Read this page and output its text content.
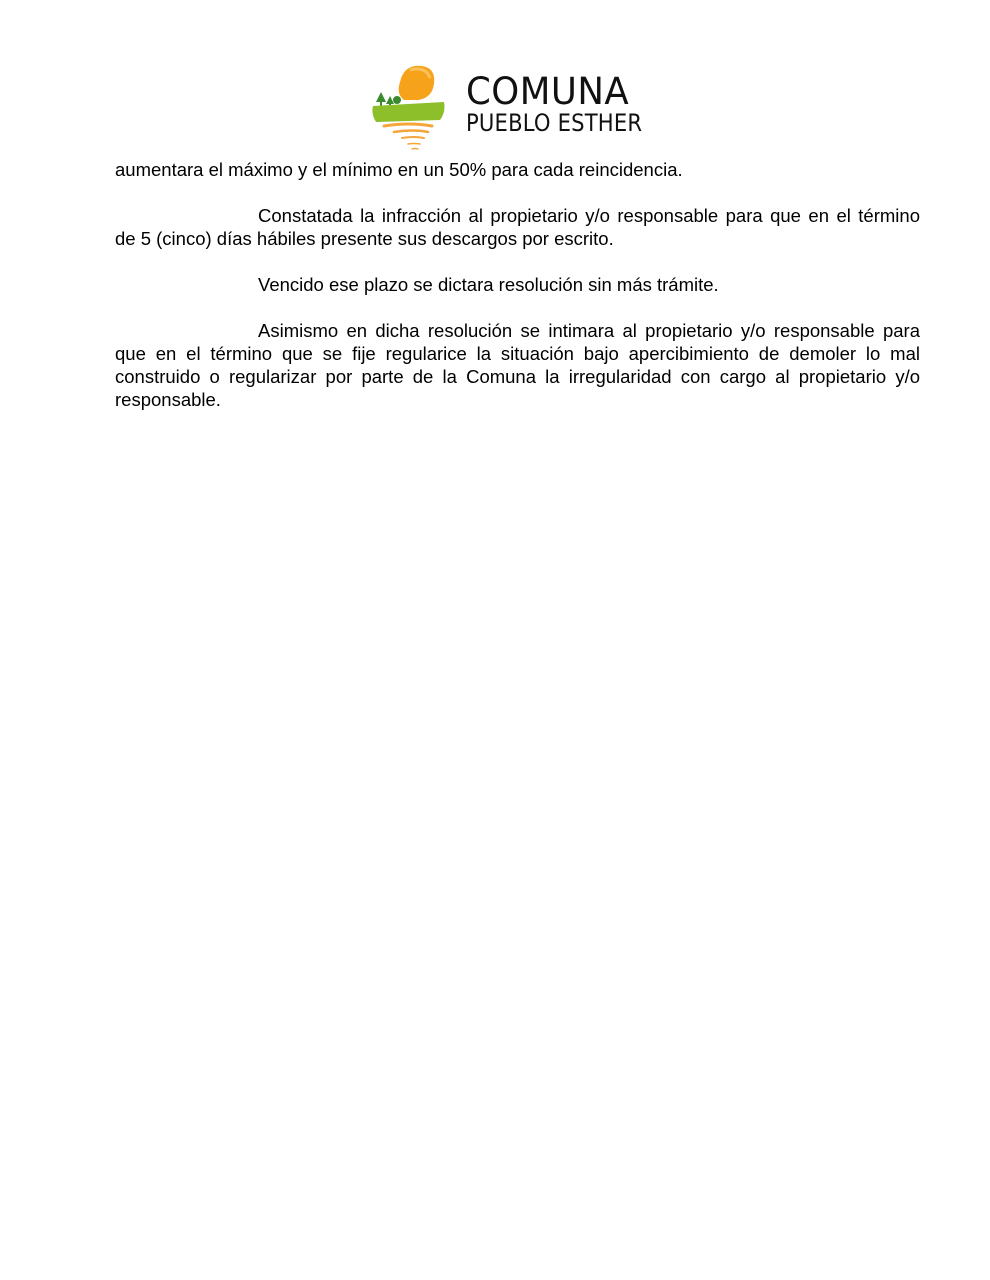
COMUNA
PUEBLO ESTHER

aumentara el máximo y el mínimo en un 50% para cada reincidencia.

Constatada la infracción al propietario y/o responsable para que en el término de 5 (cinco) días hábiles presente sus descargos por escrito.

Vencido ese plazo se dictara resolución sin más trámite.

Asimismo en dicha resolución se intimara al propietario y/o responsable para que en el término que se fije regularice la situación bajo apercibimiento de demoler lo mal construido o regularizar por parte de la Comuna la irregularidad con cargo al propietario y/o responsable.
